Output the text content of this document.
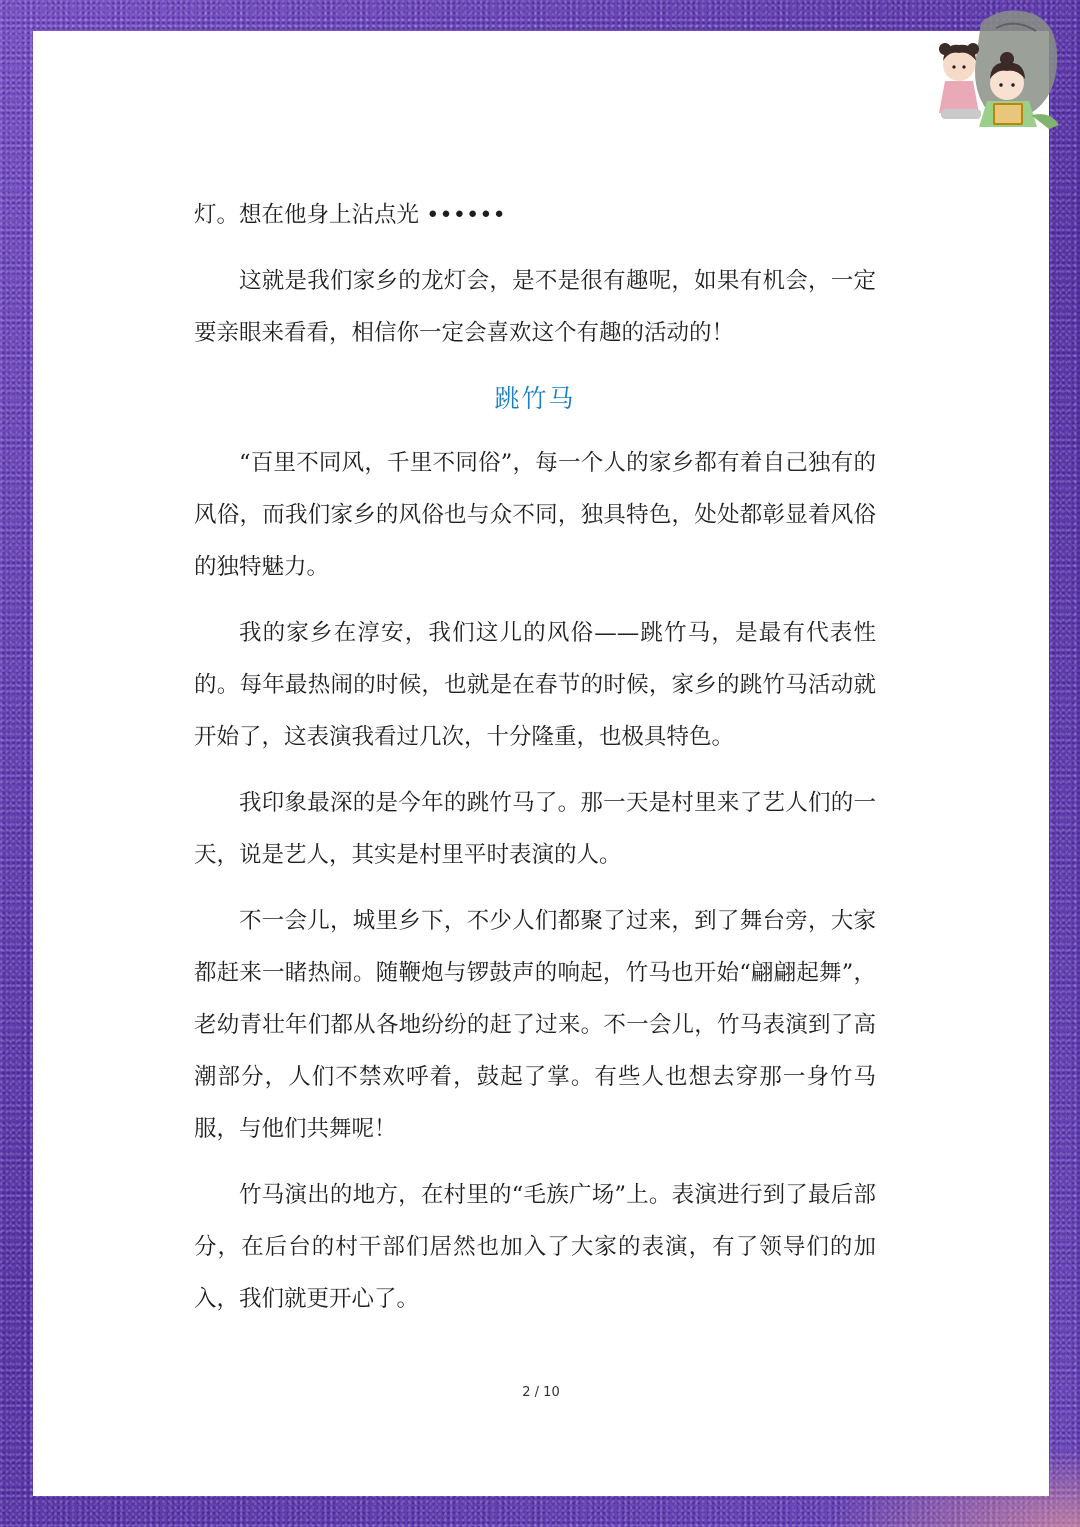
灯。想在他身上沾点光 ••••••

这就是我们家乡的龙灯会，是不是很有趣呢，如果有机会，一定要亲眼来看看，相信你一定会喜欢这个有趣的活动的！

跳竹马

“百里不同风，千里不同俗”，每一个人的家乡都有着自己独有的风俗，而我们家乡的风俗也与众不同，独具特色，处处都彰显着风俗的独特魅力。

我的家乡在淳安，我们这儿的风俗——跳竹马，是最有代表性的。每年最热闹的时候，也就是在春节的时候，家乡的跳竹马活动就开始了，这表演我看过几次，十分隆重，也极具特色。

我印象最深的是今年的跳竹马了。那一天是村里来了艺人们的一天，说是艺人，其实是村里平时表演的人。

不一会儿，城里乡下，不少人们都聚了过来，到了舞台旁，大家都赶来一睹热闹。随鞭炮与锣鼓声的响起，竹马也开始“翩翩起舞”，老幼青壮年们都从各地纷纷的赶了过来。不一会儿，竹马表演到了高潮部分，人们不禁欢呼着，鼓起了掌。有些人也想去穿那一身竹马服，与他们共舞呢！

竹马演出的地方，在村里的“毛族广场”上。表演进行到了最后部分，在后台的村干部们居然也加入了大家的表演，有了领导们的加入，我们就更开心了。

2 / 10
